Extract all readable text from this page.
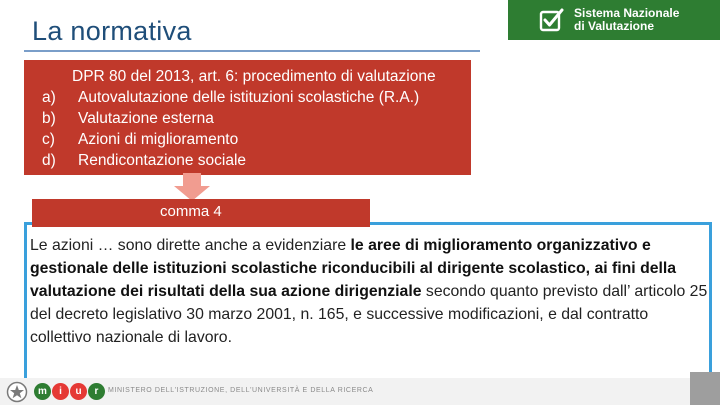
La normativa
Sistema Nazionale
di Valutazione
DPR 80 del 2013, art. 6: procedimento di valutazione
a)	Autovalutazione delle istituzioni scolastiche (R.A.)
b)	Valutazione esterna
c)	Azioni di miglioramento
d)	Rendicontazione sociale
comma 4
Le azioni … sono dirette anche a evidenziare le aree di miglioramento organizzativo e gestionale delle istituzioni scolastiche riconducibili al dirigente scolastico, ai fini della valutazione dei risultati della sua azione dirigenziale secondo quanto previsto dall’ articolo 25 del decreto legislativo 30 marzo 2001, n. 165, e successive modificazioni, e dal contratto collettivo nazionale di lavoro.
m	i	u	r	MINISTERO DELL'ISTRUZIONE, DELL'UNIVERSITÀ E DELLA RICERCA
